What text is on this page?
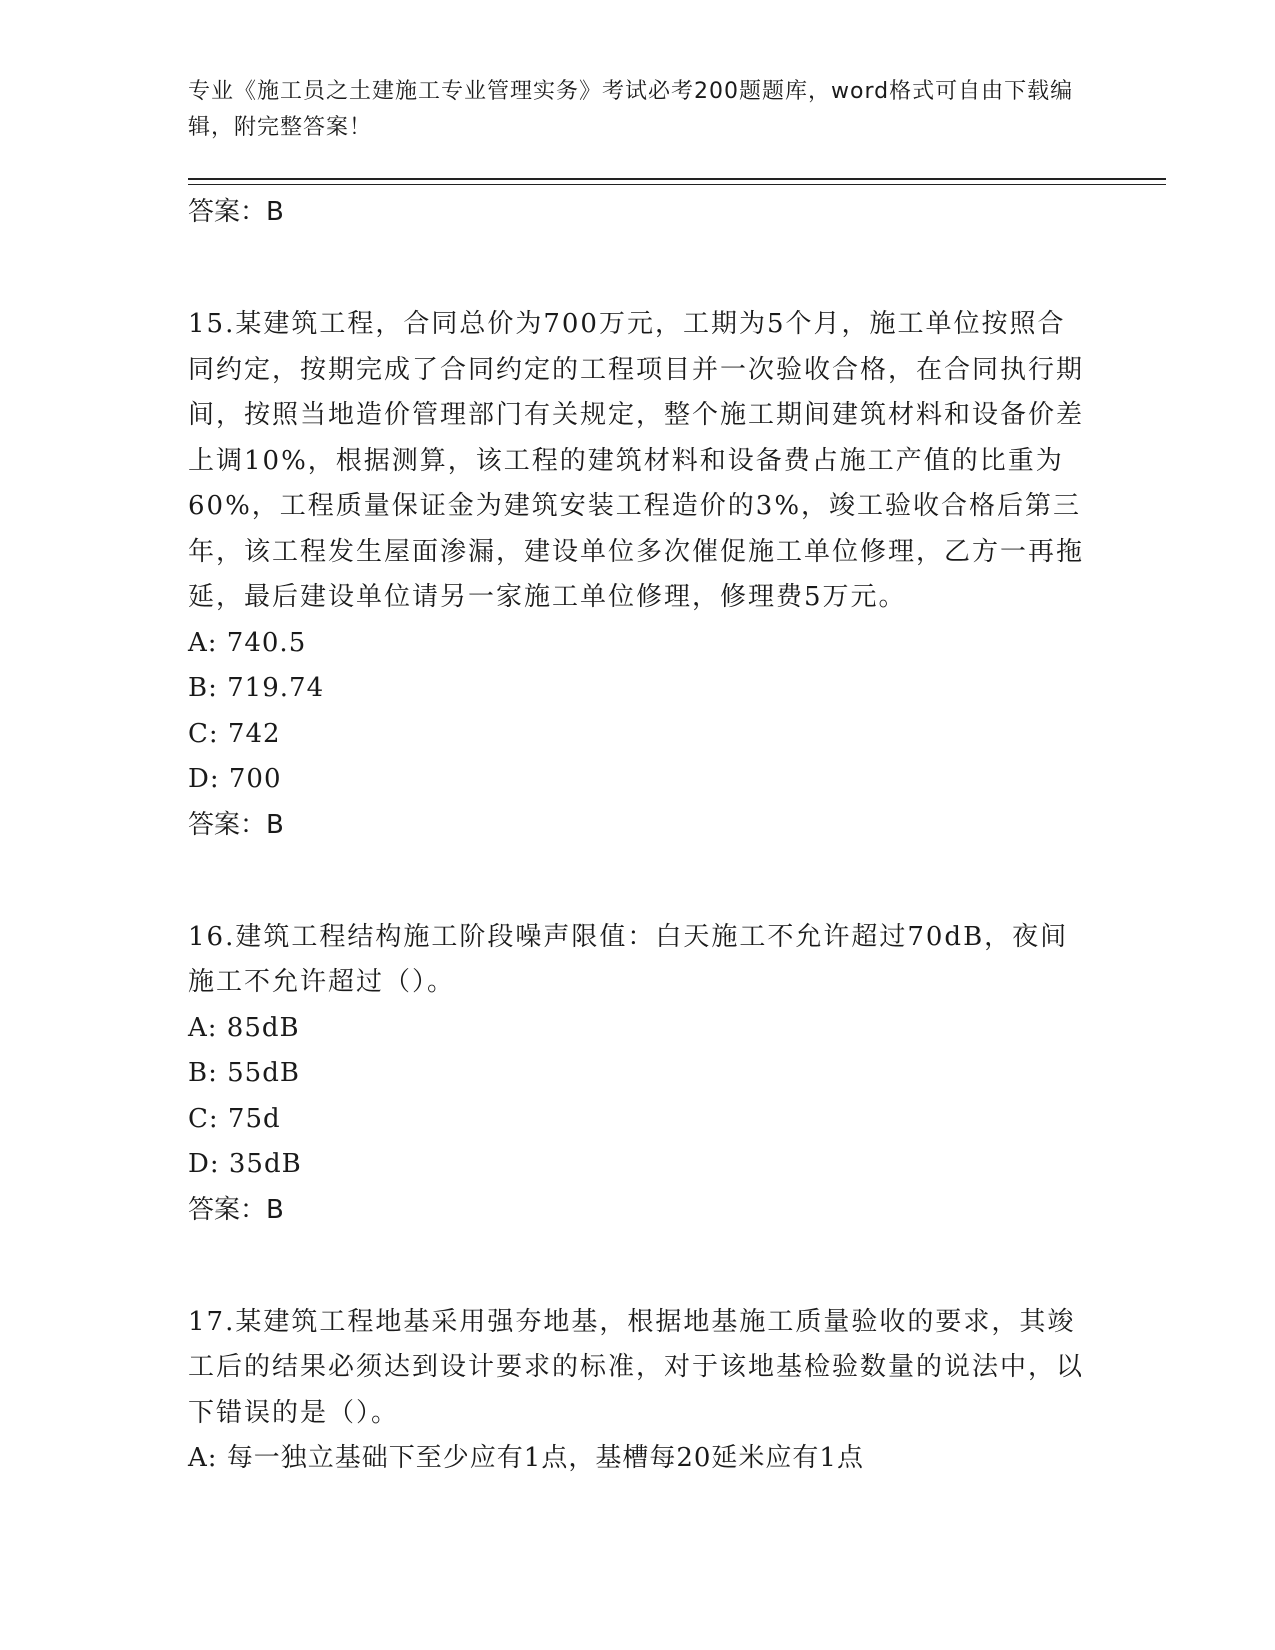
专业《施工员之土建施工专业管理实务》考试必考200题题库，word格式可自由下载编辑，附完整答案！
答案：B
15.某建筑工程，合同总价为700万元，工期为5个月，施工单位按照合同约定，按期完成了合同约定的工程项目并一次验收合格，在合同执行期间，按照当地造价管理部门有关规定，整个施工期间建筑材料和设备价差上调10%，根据测算，该工程的建筑材料和设备费占施工产值的比重为60%，工程质量保证金为建筑安装工程造价的3%，竣工验收合格后第三年，该工程发生屋面渗漏，建设单位多次催促施工单位修理，乙方一再拖延，最后建设单位请另一家施工单位修理，修理费5万元。
A: 740.5
B: 719.74
C: 742
D: 700
答案：B
16.建筑工程结构施工阶段噪声限值：白天施工不允许超过70dB，夜间施工不允许超过（）。
A: 85dB
B: 55dB
C: 75d
D: 35dB
答案：B
17.某建筑工程地基采用强夯地基，根据地基施工质量验收的要求，其竣工后的结果必须达到设计要求的标准，对于该地基检验数量的说法中，以下错误的是（）。
A: 每一独立基础下至少应有1点，基槽每20延米应有1点
